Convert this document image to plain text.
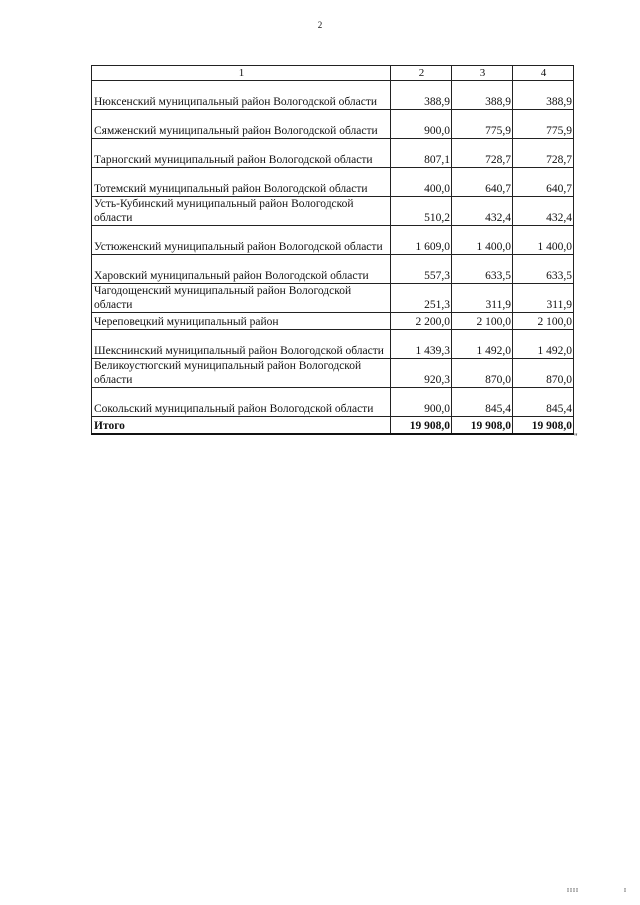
2
1	2	3	4
Нюксенский муниципальный район Вологодской области	388,9	388,9	388,9
Сямженский муниципальный район Вологодской области	900,0	775,9	775,9
Тарногский муниципальный район Вологодской области	807,1	728,7	728,7
Тотемский муниципальный район Вологодской области	400,0	640,7	640,7
Усть-Кубинский муниципальный район Вологодской области	510,2	432,4	432,4
Устюженский муниципальный район Вологодской области	1 609,0	1 400,0	1 400,0
Харовский муниципальный район Вологодской области	557,3	633,5	633,5
Чагодощенский муниципальный район Вологодской области	251,3	311,9	311,9
Череповецкий муниципальный район	2 200,0	2 100,0	2 100,0
Шекснинский муниципальный район Вологодской области	1 439,3	1 492,0	1 492,0
Великоустюгский муниципальный район Вологодской области	920,3	870,0	870,0
Сокольский муниципальный район Вологодской области	900,0	845,4	845,4
Итого	19 908,0	19 908,0	19 908,0
"
IIII	I
